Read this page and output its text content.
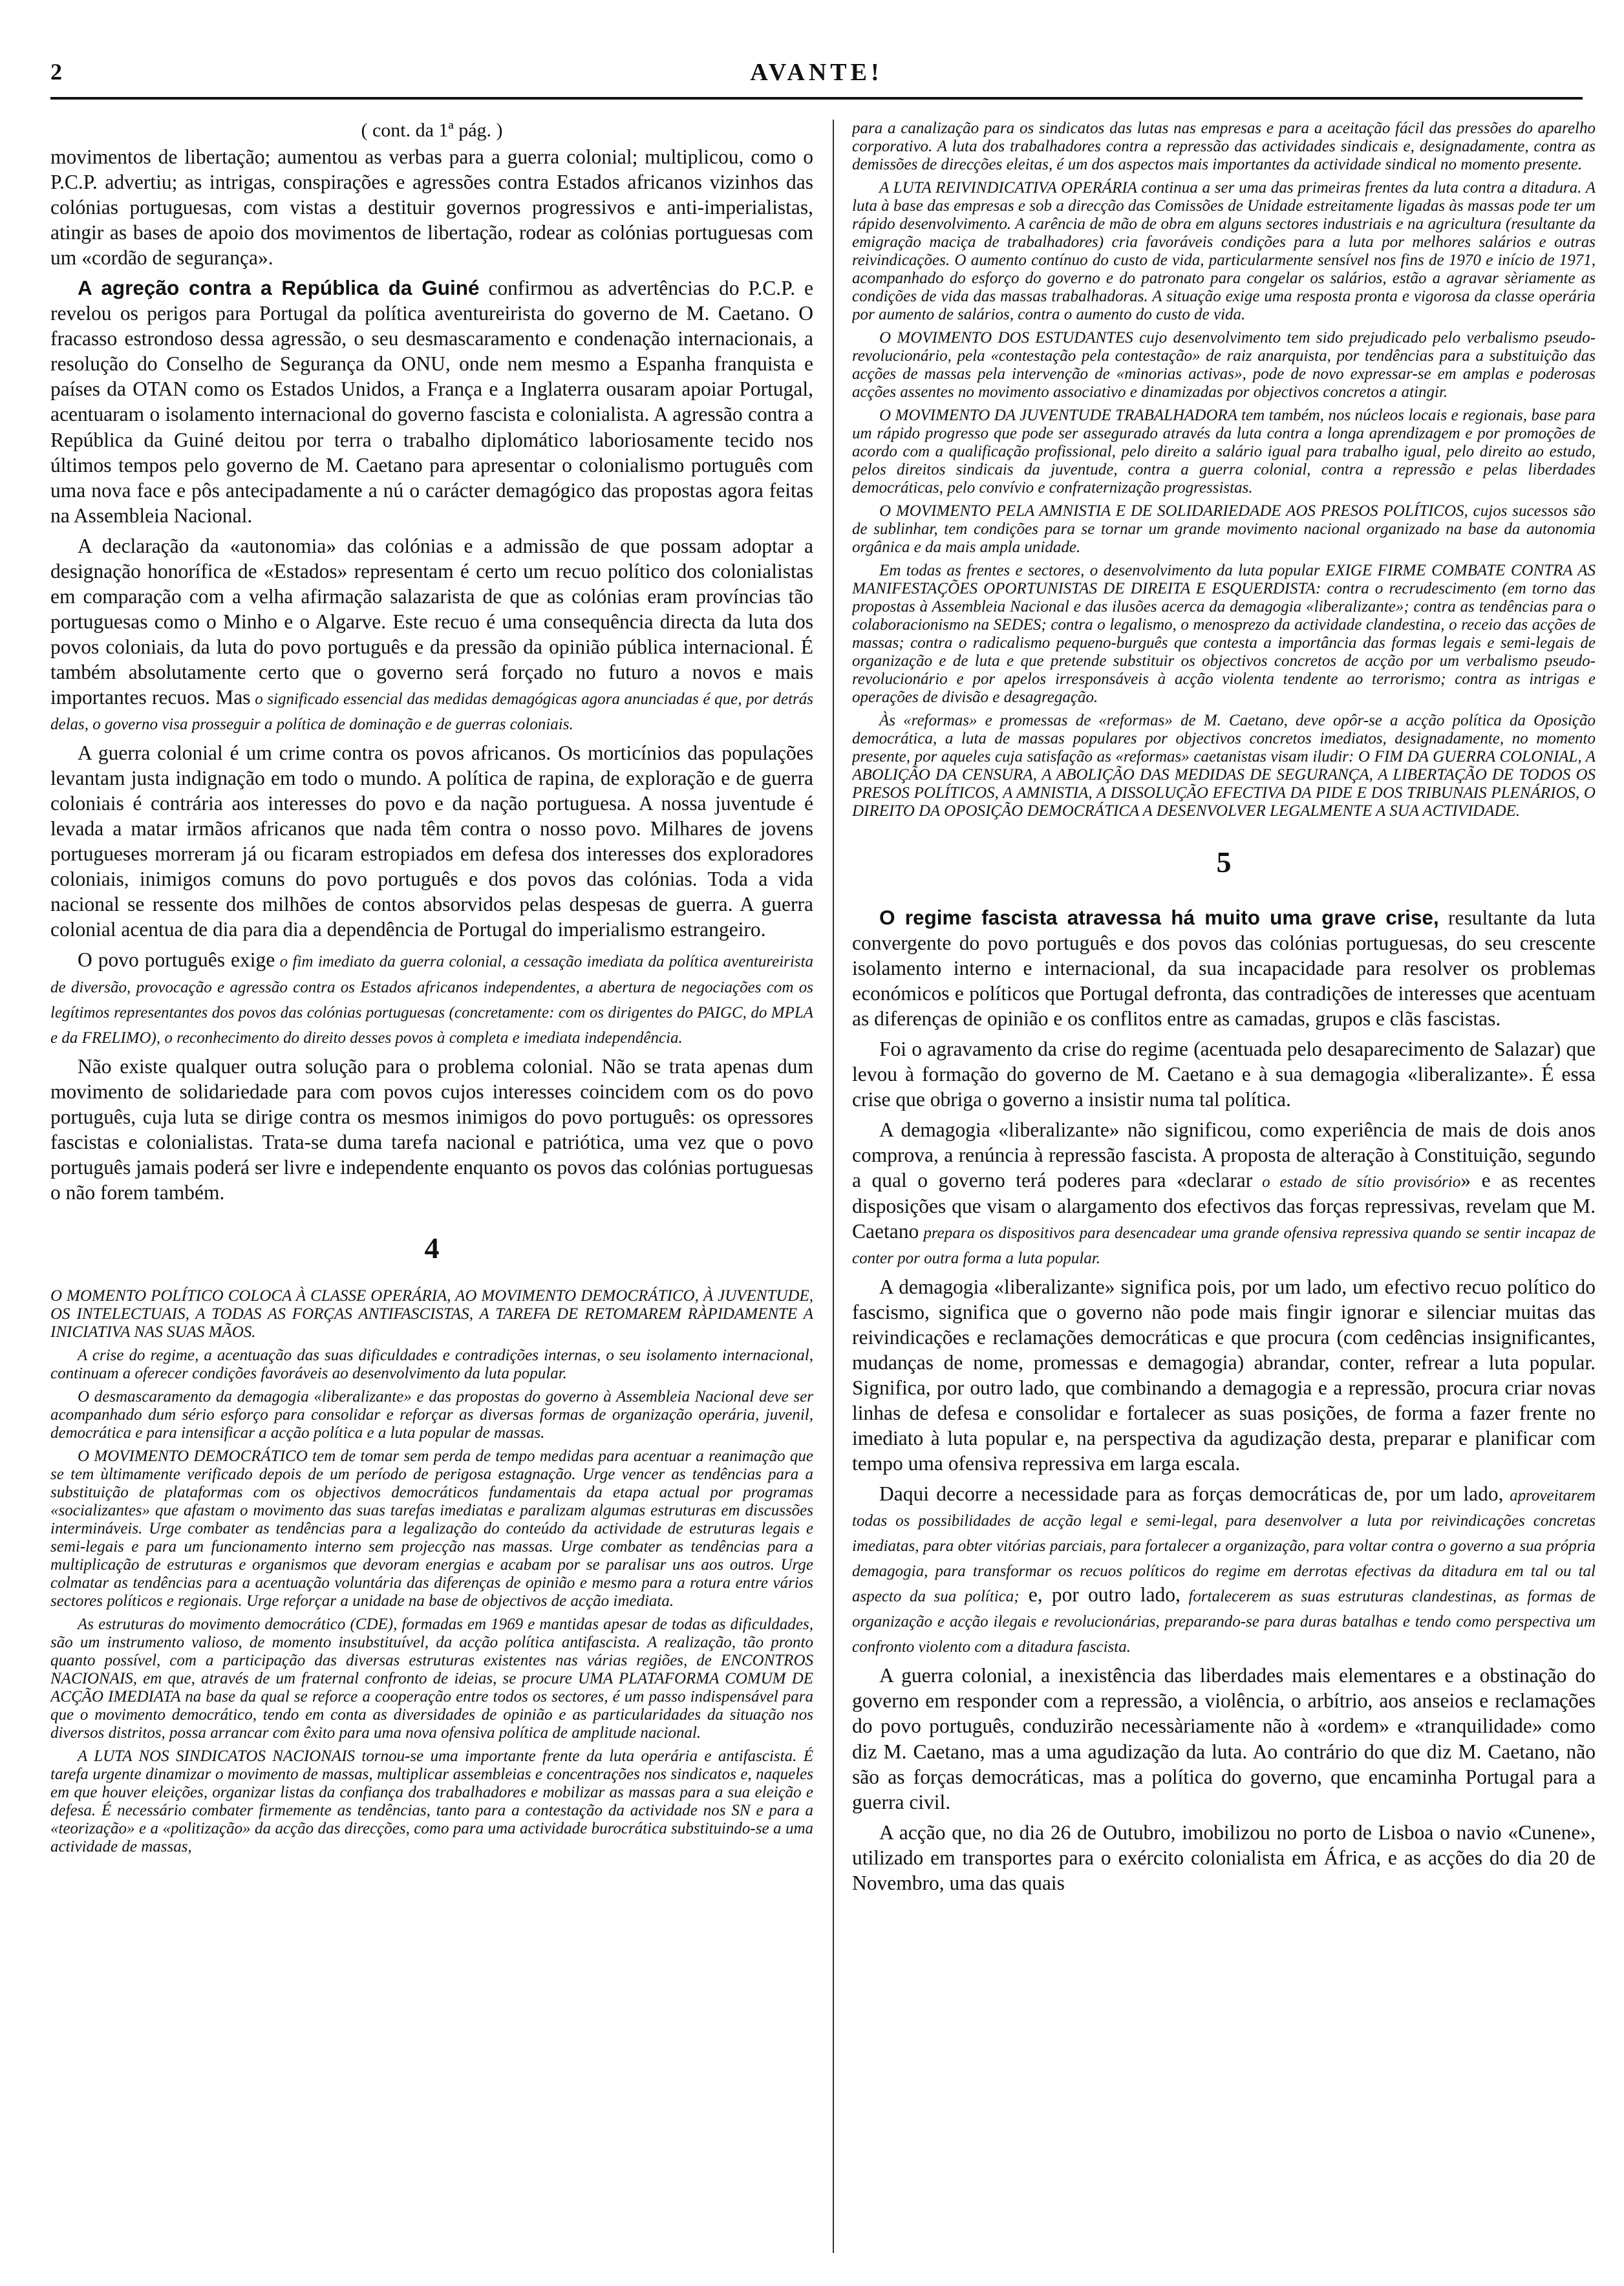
2	AVANTE!

( cont. da 1ª pág. )

movimentos de libertação; aumentou as verbas para a guerra colonial; multiplicou, como o P.C.P. advertiu; as intrigas, conspirações e agressões contra Estados africanos vizinhos das colónias portuguesas, com vistas a destituir governos progressivos e anti-imperialistas, atingir as bases de apoio dos movimentos de libertação, rodear as colónias portuguesas com um «cordão de segurança».

A agreção contra a República da Guiné confirmou as advertências do P.C.P. e revelou os perigos para Portugal da política aventureirista do governo de M. Caetano. O fracasso estrondoso dessa agressão, o seu desmascaramento e condenação internacionais, a resolução do Conselho de Segurança da ONU, onde nem mesmo a Espanha franquista e países da OTAN como os Estados Unidos, a França e a Inglaterra ousaram apoiar Portugal, acentuaram o isolamento internacional do governo fascista e colonialista. A agressão contra a República da Guiné deitou por terra o trabalho diplomático laboriosamente tecido nos últimos tempos pelo governo de M. Caetano para apresentar o colonialismo português com uma nova face e pôs antecipadamente a nú o carácter demagógico das propostas agora feitas na Assembleia Nacional.

A declaração da «autonomia» das colónias e a admissão de que possam adoptar a designação honorífica de «Estados» representam é certo um recuo político dos colonialistas em comparação com a velha afirmação salazarista de que as colónias eram províncias tão portuguesas como o Minho e o Algarve. Este recuo é uma consequência directa da luta dos povos coloniais, da luta do povo português e da pressão da opinião pública internacional. É também absolutamente certo que o governo será forçado no futuro a novos e mais importantes recuos. Mas o significado essencial das medidas demagógicas agora anunciadas é que, por detrás delas, o governo visa prosseguir a política de dominação e de guerras coloniais.

A guerra colonial é um crime contra os povos africanos. Os morticínios das populações levantam justa indignação em todo o mundo. A política de rapina, de exploração e de guerra coloniais é contrária aos interesses do povo e da nação portuguesa. A nossa juventude é levada a matar irmãos africanos que nada têm contra o nosso povo. Milhares de jovens portugueses morreram já ou ficaram estropiados em defesa dos interesses dos exploradores coloniais, inimigos comuns do povo português e dos povos das colónias. Toda a vida nacional se ressente dos milhões de contos absorvidos pelas despesas de guerra. A guerra colonial acentua de dia para dia a dependência de Portugal do imperialismo estrangeiro.

O povo português exige o fim imediato da guerra colonial, a cessação imediata da política aventureirista de diversão, provocação e agressão contra os Estados africanos independentes, a abertura de negociações com os legítimos representantes dos povos das colónias portuguesas (concretamente: com os dirigentes do PAIGC, do MPLA e da FRELIMO), o reconhecimento do direito desses povos à completa e imediata independência.

Não existe qualquer outra solução para o problema colonial. Não se trata apenas dum movimento de solidariedade para com povos cujos interesses coincidem com os do povo português, cuja luta se dirige contra os mesmos inimigos do povo português: os opressores fascistas e colonialistas. Trata-se duma tarefa nacional e patriótica, uma vez que o povo português jamais poderá ser livre e independente enquanto os povos das colónias portuguesas o não forem também.

4

O MOMENTO POLÍTICO COLOCA À CLASSE OPERÁRIA, AO MOVIMENTO DEMOCRÁTICO, À JUVENTUDE, OS INTELECTUAIS, A TODAS AS FORÇAS ANTIFASCISTAS, A TAREFA DE RETOMAREM RÀPIDAMENTE A INICIATIVA NAS SUAS MÃOS.

A crise do regime, a acentuação das suas dificuldades e contradições internas, o seu isolamento internacional, continuam a oferecer condições favoráveis ao desenvolvimento da luta popular.

O desmascaramento da demagogia «liberalizante» e das propostas do governo à Assembleia Nacional deve ser acompanhado dum sério esforço para consolidar e reforçar as diversas formas de organização operária, juvenil, democrática e para intensificar a acção política e a luta popular de massas.

O MOVIMENTO DEMOCRÁTICO tem de tomar sem perda de tempo medidas para acentuar a reanimação que se tem ùltimamente verificado depois de um período de perigosa estagnação. Urge vencer as tendências para a substituição de plataformas com os objectivos democráticos fundamentais da etapa actual por programas «socializantes» que afastam o movimento das suas tarefas imediatas e paralizam algumas estruturas em discussões intermináveis. Urge combater as tendências para a legalização do conteúdo da actividade de estruturas legais e semi-legais e para um funcionamento interno sem projecção nas massas. Urge combater as tendências para a multiplicação de estruturas e organismos que devoram energias e acabam por se paralisar uns aos outros. Urge colmatar as tendências para a acentuação voluntária das diferenças de opinião e mesmo para a rotura entre vários sectores políticos e regionais. Urge reforçar a unidade na base de objectivos de acção imediata.

As estruturas do movimento democrático (CDE), formadas em 1969 e mantidas apesar de todas as dificuldades, são um instrumento valioso, de momento insubstituível, da acção política antifascista. A realização, tão pronto quanto possível, com a participação das diversas estruturas existentes nas várias regiões, de ENCONTROS NACIONAIS, em que, através de um fraternal confronto de ideias, se procure UMA PLATAFORMA COMUM DE ACÇÃO IMEDIATA na base da qual se reforce a cooperação entre todos os sectores, é um passo indispensável para que o movimento democrático, tendo em conta as diversidades de opinião e as particularidades da situação nos diversos distritos, possa arrancar com êxito para uma nova ofensiva política de amplitude nacional.

A LUTA NOS SINDICATOS NACIONAIS tornou-se uma importante frente da luta operária e antifascista. É tarefa urgente dinamizar o movimento de massas, multiplicar assembleias e concentrações nos sindicatos e, naqueles em que houver eleições, organizar listas da confiança dos trabalhadores e mobilizar as massas para a sua eleição e defesa. É necessário combater firmemente as tendências, tanto para a contestação da actividade nos SN e para a «teorização» e a «politização» da acção das direcções, como para uma actividade burocrática substituindo-se a uma actividade de massas,

para a canalização para os sindicatos das lutas nas empresas e para a aceitação fácil das pressões do aparelho corporativo. A luta dos trabalhadores contra a repressão das actividades sindicais e, designadamente, contra as demissões de direcções eleitas, é um dos aspectos mais importantes da actividade sindical no momento presente.

A LUTA REIVINDICATIVA OPERÁRIA continua a ser uma das primeiras frentes da luta contra a ditadura. A luta à base das empresas e sob a direcção das Comissões de Unidade estreitamente ligadas às massas pode ter um rápido desenvolvimento. A carência de mão de obra em alguns sectores industriais e na agricultura (resultante da emigração maciça de trabalhadores) cria favoráveis condições para a luta por melhores salários e outras reivindicações. O aumento contínuo do custo de vida, particularmente sensível nos fins de 1970 e início de 1971, acompanhado do esforço do governo e do patronato para congelar os salários, estão a agravar sèriamente as condições de vida das massas trabalhadoras. A situação exige uma resposta pronta e vigorosa da classe operária por aumento de salários, contra o aumento do custo de vida.

O MOVIMENTO DOS ESTUDANTES cujo desenvolvimento tem sido prejudicado pelo verbalismo pseudo-revolucionário, pela «contestação pela contestação» de raiz anarquista, por tendências para a substituição das acções de massas pela intervenção de «minorias activas», pode de novo expressar-se em amplas e poderosas acções assentes no movimento associativo e dinamizadas por objectivos concretos a atingir.

O MOVIMENTO DA JUVENTUDE TRABALHADORA tem também, nos núcleos locais e regionais, base para um rápido progresso que pode ser assegurado através da luta contra a longa aprendizagem e por promoções de acordo com a qualificação profissional, pelo direito a salário igual para trabalho igual, pelo direito ao estudo, pelos direitos sindicais da juventude, contra a guerra colonial, contra a repressão e pelas liberdades democráticas, pelo convívio e confraternização progressistas.

O MOVIMENTO PELA AMNISTIA E DE SOLIDARIEDADE AOS PRESOS POLÍTICOS, cujos sucessos são de sublinhar, tem condições para se tornar um grande movimento nacional organizado na base da autonomia orgânica e da mais ampla unidade.

Em todas as frentes e sectores, o desenvolvimento da luta popular EXIGE FIRME COMBATE CONTRA AS MANIFESTAÇÕES OPORTUNISTAS DE DIREITA E ESQUERDISTA: contra o recrudescimento (em torno das propostas à Assembleia Nacional e das ilusões acerca da demagogia «liberalizante»; contra as tendências para o colaboracionismo na SEDES; contra o legalismo, o menosprezo da actividade clandestina, o receio das acções de massas; contra o radicalismo pequeno-burguês que contesta a importância das formas legais e semi-legais de organização e de luta e que pretende substituir os objectivos concretos de acção por um verbalismo pseudo-revolucionário e por apelos irresponsáveis à acção violenta tendente ao terrorismo; contra as intrigas e operações de divisão e desagregação.

Às «reformas» e promessas de «reformas» de M. Caetano, deve opôr-se a acção política da Oposição democrática, a luta de massas populares por objectivos concretos imediatos, designadamente, no momento presente, por aqueles cuja satisfação as «reformas» caetanistas visam iludir: O FIM DA GUERRA COLONIAL, A ABOLIÇÃO DA CENSURA, A ABOLIÇÃO DAS MEDIDAS DE SEGURANÇA, A LIBERTAÇÃO DE TODOS OS PRESOS POLÍTICOS, A AMNISTIA, A DISSOLUÇÃO EFECTIVA DA PIDE E DOS TRIBUNAIS PLENÁRIOS, O DIREITO DA OPOSIÇÃO DEMOCRÁTICA A DESENVOLVER LEGALMENTE A SUA ACTIVIDADE.

5

O regime fascista atravessa há muito uma grave crise, resultante da luta convergente do povo português e dos povos das colónias portuguesas, do seu crescente isolamento interno e internacional, da sua incapacidade para resolver os problemas económicos e políticos que Portugal defronta, das contradições de interesses que acentuam as diferenças de opinião e os conflitos entre as camadas, grupos e clãs fascistas.

Foi o agravamento da crise do regime (acentuada pelo desaparecimento de Salazar) que levou à formação do governo de M. Caetano e à sua demagogia «liberalizante». É essa crise que obriga o governo a insistir numa tal política.

A demagogia «liberalizante» não significou, como experiência de mais de dois anos comprova, a renúncia à repressão fascista. A proposta de alteração à Constituição, segundo a qual o governo terá poderes para «declarar o estado de sítio provisório» e as recentes disposições que visam o alargamento dos efectivos das forças repressivas, revelam que M. Caetano prepara os dispositivos para desencadear uma grande ofensiva repressiva quando se sentir incapaz de conter por outra forma a luta popular.

A demagogia «liberalizante» significa pois, por um lado, um efectivo recuo político do fascismo, significa que o governo não pode mais fingir ignorar e silenciar muitas das reivindicações e reclamações democráticas e que procura (com cedências insignificantes, mudanças de nome, promessas e demagogia) abrandar, conter, refrear a luta popular. Significa, por outro lado, que combinando a demagogia e a repressão, procura criar novas linhas de defesa e consolidar e fortalecer as suas posições, de forma a fazer frente no imediato à luta popular e, na perspectiva da agudização desta, preparar e planificar com tempo uma ofensiva repressiva em larga escala.

Daqui decorre a necessidade para as forças democráticas de, por um lado, aproveitarem todas os possibilidades de acção legal e semi-legal, para desenvolver a luta por reivindicações concretas imediatas, para obter vitórias parciais, para fortalecer a organização, para voltar contra o governo a sua própria demagogia, para transformar os recuos políticos do regime em derrotas efectivas da ditadura em tal ou tal aspecto da sua política; e, por outro lado, fortalecerem as suas estruturas clandestinas, as formas de organização e acção ilegais e revolucionárias, preparando-se para duras batalhas e tendo como perspectiva um confronto violento com a ditadura fascista.

A guerra colonial, a inexistência das liberdades mais elementares e a obstinação do governo em responder com a repressão, a violência, o arbítrio, aos anseios e reclamações do povo português, conduzirão necessàriamente não à «ordem» e «tranquilidade» como diz M. Caetano, mas a uma agudização da luta. Ao contrário do que diz M. Caetano, não são as forças democráticas, mas a política do governo, que encaminha Portugal para a guerra civil.

A acção que, no dia 26 de Outubro, imobilizou no porto de Lisboa o navio «Cunene», utilizado em transportes para o exército colonialista em África, e as acções do dia 20 de Novembro, uma das quais
